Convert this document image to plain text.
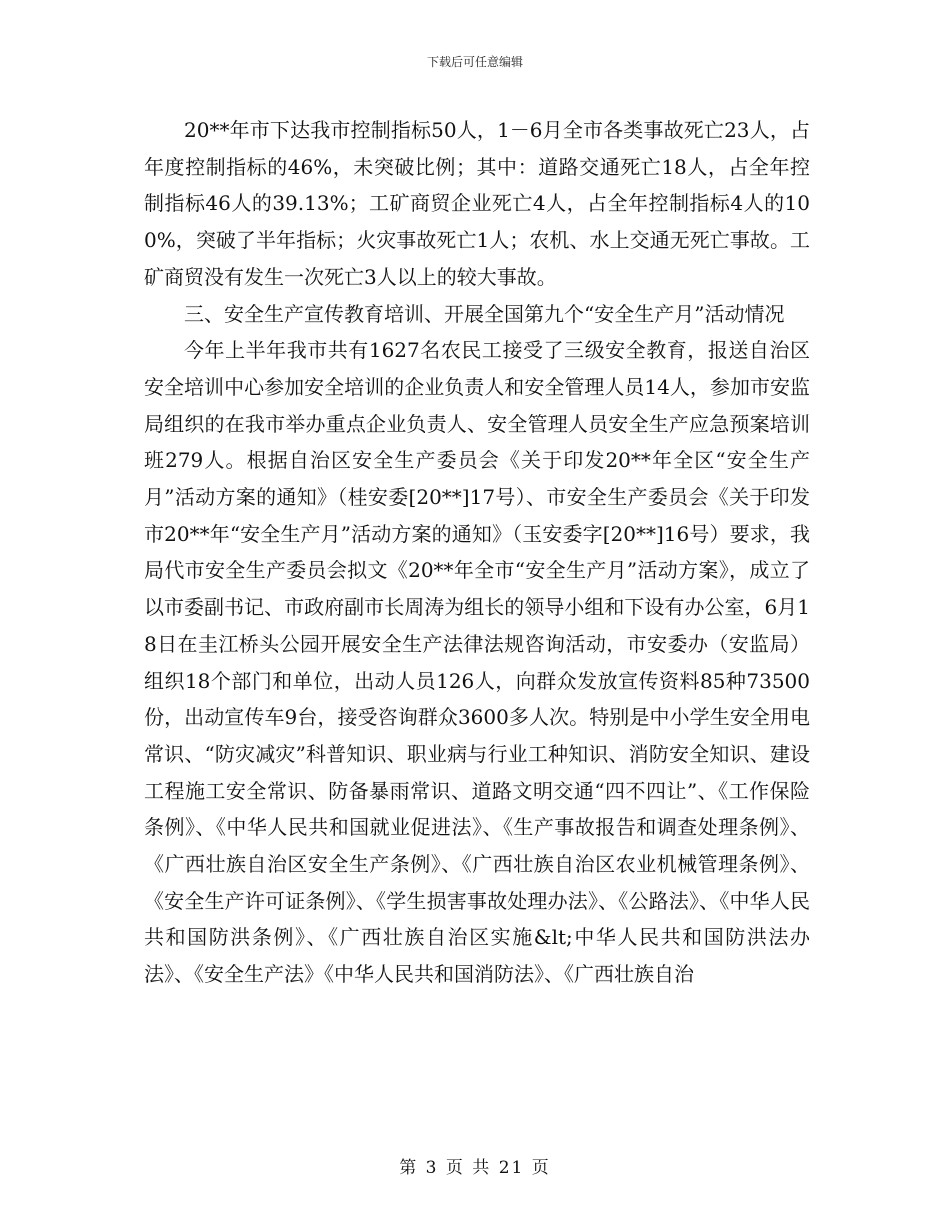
下载后可任意编辑

20**年市下达我市控制指标50人，1－6月全市各类事故死亡23人，占年度控制指标的46%，未突破比例；其中：道路交通死亡18人，占全年控制指标46人的39.13%；工矿商贸企业死亡4人，占全年控制指标4人的100%，突破了半年指标；火灾事故死亡1人；农机、水上交通无死亡事故。工矿商贸没有发生一次死亡3人以上的较大事故。

三、安全生产宣传教育培训、开展全国第九个“安全生产月”活动情况

今年上半年我市共有1627名农民工接受了三级安全教育，报送自治区安全培训中心参加安全培训的企业负责人和安全管理人员14人，参加市安监局组织的在我市举办重点企业负责人、安全管理人员安全生产应急预案培训班279人。根据自治区安全生产委员会《关于印发20**年全区“安全生产月”活动方案的通知》（桂安委[20**]17号）、市安全生产委员会《关于印发市20**年“安全生产月”活动方案的通知》（玉安委字[20**]16号）要求，我局代市安全生产委员会拟文《20**年全市“安全生产月”活动方案》，成立了以市委副书记、市政府副市长周涛为组长的领导小组和下设有办公室，6月18日在圭江桥头公园开展安全生产法律法规咨询活动，市安委办（安监局）组织18个部门和单位，出动人员126人，向群众发放宣传资料85种73500份，出动宣传车9台，接受咨询群众3600多人次。特别是中小学生安全用电常识、“防灾减灾”科普知识、职业病与行业工种知识、消防安全知识、建设工程施工安全常识、防备暴雨常识、道路文明交通“四不四让”、《工作保险条例》、《中华人民共和国就业促进法》、《生产事故报告和调查处理条例》、《广西壮族自治区安全生产条例》、《广西壮族自治区农业机械管理条例》、《安全生产许可证条例》、《学生损害事故处理办法》、《公路法》、《中华人民共和国防洪条例》、《广西壮族自治区实施&lt;中华人民共和国防洪法办法》、《安全生产法》《中华人民共和国消防法》、《广西壮族自治

第 3 页 共 21 页
